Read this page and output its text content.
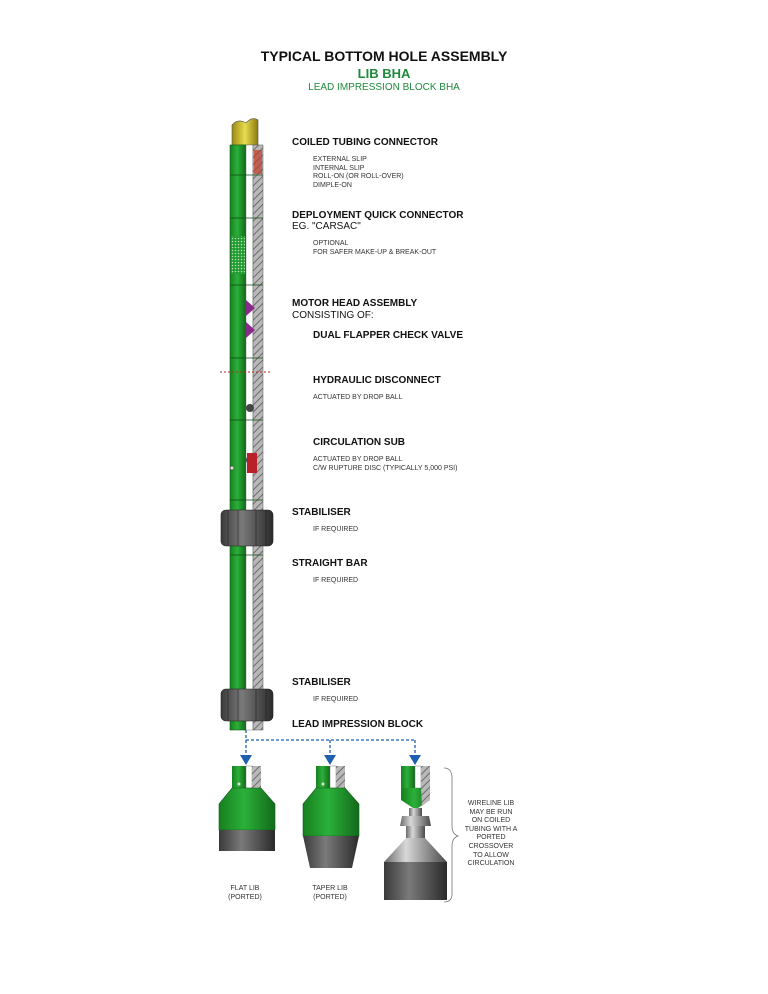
TYPICAL BOTTOM HOLE ASSEMBLY
LIB BHA
LEAD IMPRESSION BLOCK BHA
COILED TUBING CONNECTOR
EXTERNAL SLIP
INTERNAL SLIP
ROLL-ON (OR ROLL-OVER)
DIMPLE-ON
DEPLOYMENT QUICK CONNECTOR
EG. "CARSAC"
OPTIONAL
FOR SAFER MAKE-UP & BREAK-OUT
MOTOR HEAD ASSEMBLY
CONSISTING OF:
DUAL FLAPPER CHECK VALVE
HYDRAULIC DISCONNECT
ACTUATED BY DROP BALL
CIRCULATION SUB
ACTUATED BY DROP BALL
C/W RUPTURE DISC (TYPICALLY 5,000 PSI)
STABILISER
IF REQUIRED
STRAIGHT BAR
IF REQUIRED
STABILISER
IF REQUIRED
LEAD IMPRESSION BLOCK
FLAT LIB
(PORTED)
TAPER LIB
(PORTED)
WIRELINE LIB
MAY BE RUN
ON COILED
TUBING WITH A
PORTED
CROSSOVER
TO ALLOW
CIRCULATION
